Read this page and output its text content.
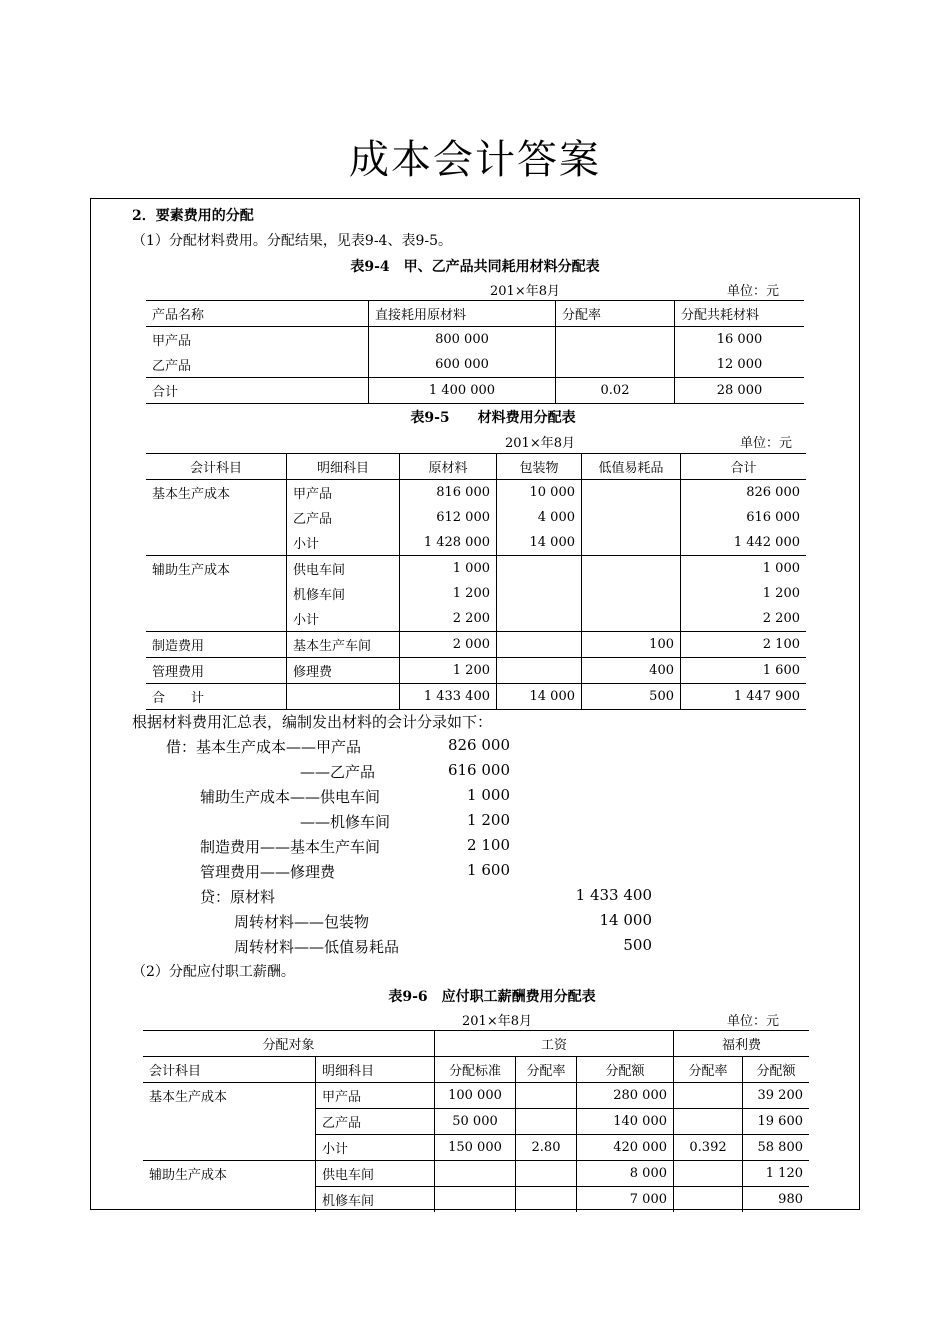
成本会计答案
2．要素费用的分配
（1）分配材料费用。分配结果，见表9-4、表9-5。
表9-4　甲、乙产品共同耗用材料分配表
201×年8月	单位：元
产品名称	直接耗用原材料	分配率	分配共耗材料
甲产品	800 000		16 000
乙产品	600 000		12 000
合计	1 400 000	0.02	28 000
表9-5　　材料费用分配表
201×年8月	单位：元
会计科目	明细科目	原材料	包装物	低值易耗品	合计
基本生产成本	甲产品	816 000	10 000		826 000
	乙产品	612 000	4 000		616 000
	小计	1 428 000	14 000		1 442 000
辅助生产成本	供电车间	1 000			1 000
	机修车间	1 200			1 200
	小计	2 200			2 200
制造费用	基本生产车间	2 000		100	2 100
管理费用	修理费	1 200		400	1 600
合　　计		1 433 400	14 000	500	1 447 900
根据材料费用汇总表，编制发出材料的会计分录如下：
借：基本生产成本——甲产品	826 000
——乙产品	616 000
辅助生产成本——供电车间	1 000
——机修车间	1 200
制造费用——基本生产车间	2 100
管理费用——修理费	1 600
贷：原材料	1 433 400
周转材料——包装物	14 000
周转材料——低值易耗品	500
（2）分配应付职工薪酬。
表9-6　应付职工薪酬费用分配表
201×年8月	单位：元
分配对象		工资			福利费	
会计科目	明细科目	分配标准	分配率	分配额	分配率	分配额
基本生产成本	甲产品	100 000		280 000		39 200
	乙产品	50 000		140 000		19 600
	小计	150 000	2.80	420 000	0.392	58 800
辅助生产成本	供电车间			8 000		1 120
	机修车间			7 000		980
